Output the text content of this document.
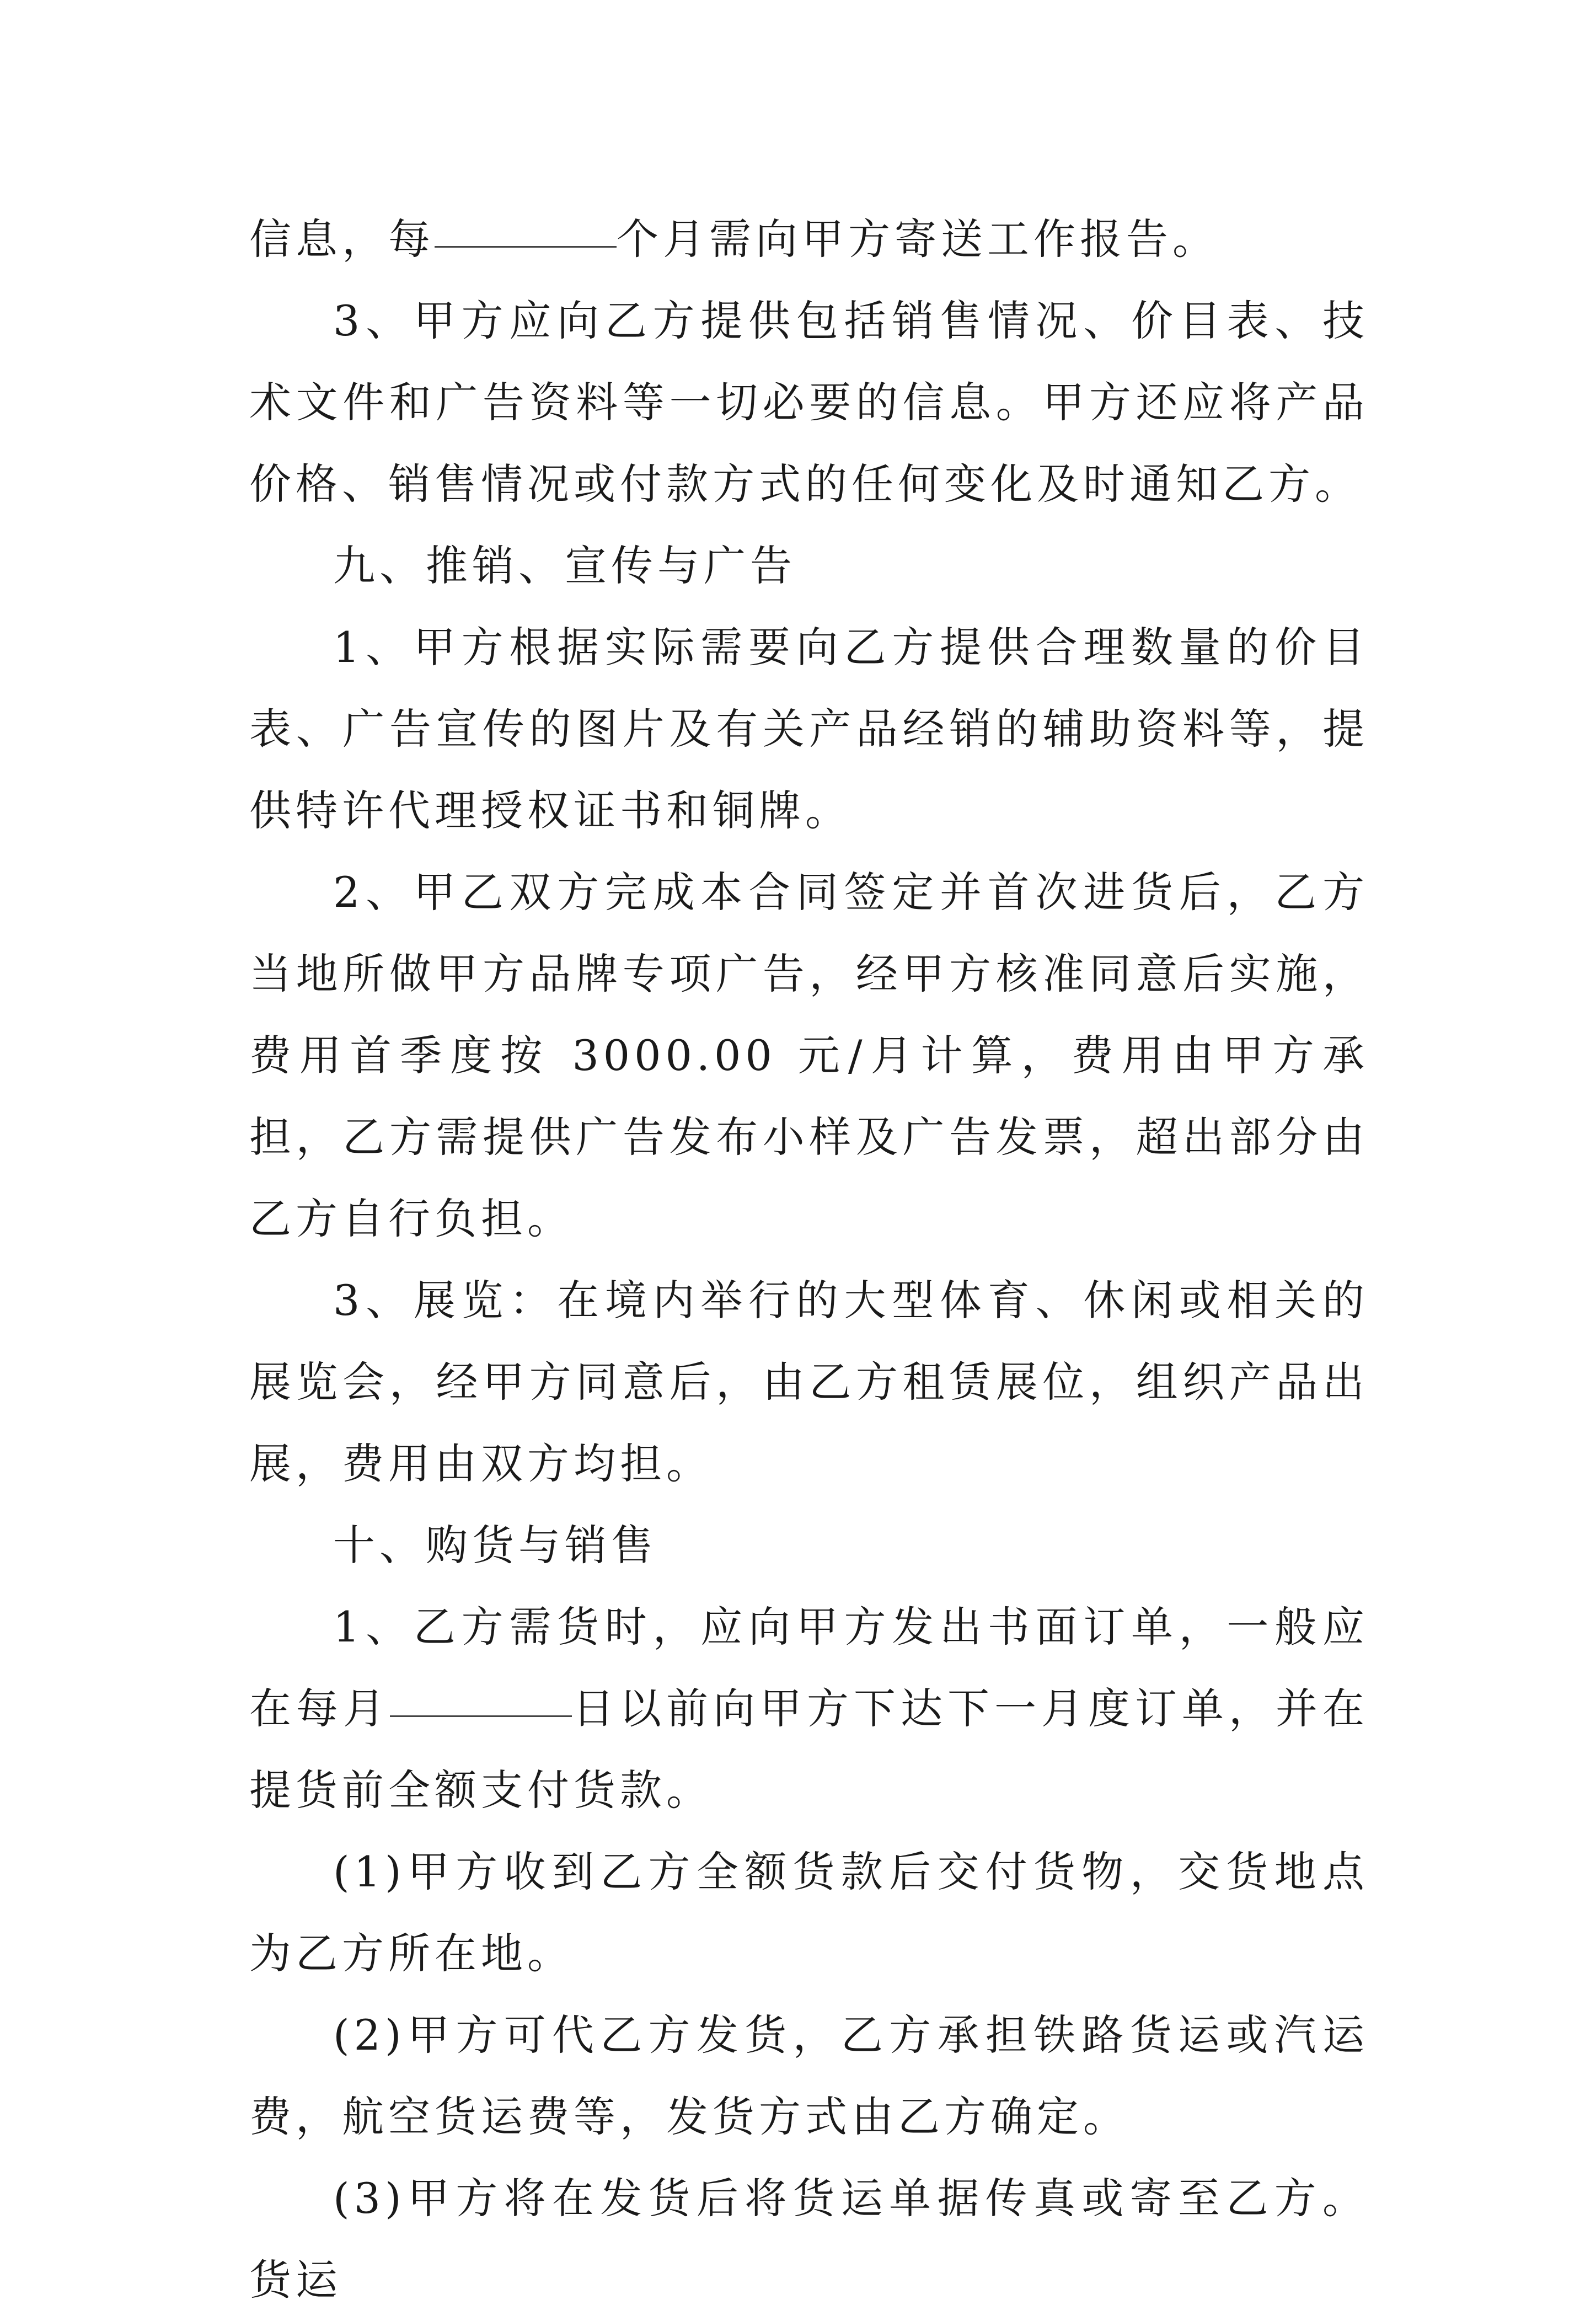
信息，每	个月需向甲方寄送工作报告。

3、甲方应向乙方提供包括销售情况、价目表、技术文件和广告资料等一切必要的信息。甲方还应将产品价格、销售情况或付款方式的任何变化及时通知乙方。

九、推销、宣传与广告

1、甲方根据实际需要向乙方提供合理数量的价目表、广告宣传的图片及有关产品经销的辅助资料等，提供特许代理授权证书和铜牌。

2、甲乙双方完成本合同签定并首次进货后，乙方当地所做甲方品牌专项广告，经甲方核准同意后实施，费用首季度按 3000.00 元/月计算，费用由甲方承担，乙方需提供广告发布小样及广告发票，超出部分由乙方自行负担。

3、展览：在境内举行的大型体育、休闲或相关的展览会，经甲方同意后，由乙方租赁展位，组织产品出展，费用由双方均担。

十、购货与销售

1、乙方需货时，应向甲方发出书面订单，一般应在每月	日以前向甲方下达下一月度订单，并在提货前全额支付货款。

(1)甲方收到乙方全额货款后交付货物，交货地点为乙方所在地。

(2)甲方可代乙方发货，乙方承担铁路货运或汽运费，航空货运费等，发货方式由乙方确定。

(3)甲方将在发货后将货运单据传真或寄至乙方。货运
